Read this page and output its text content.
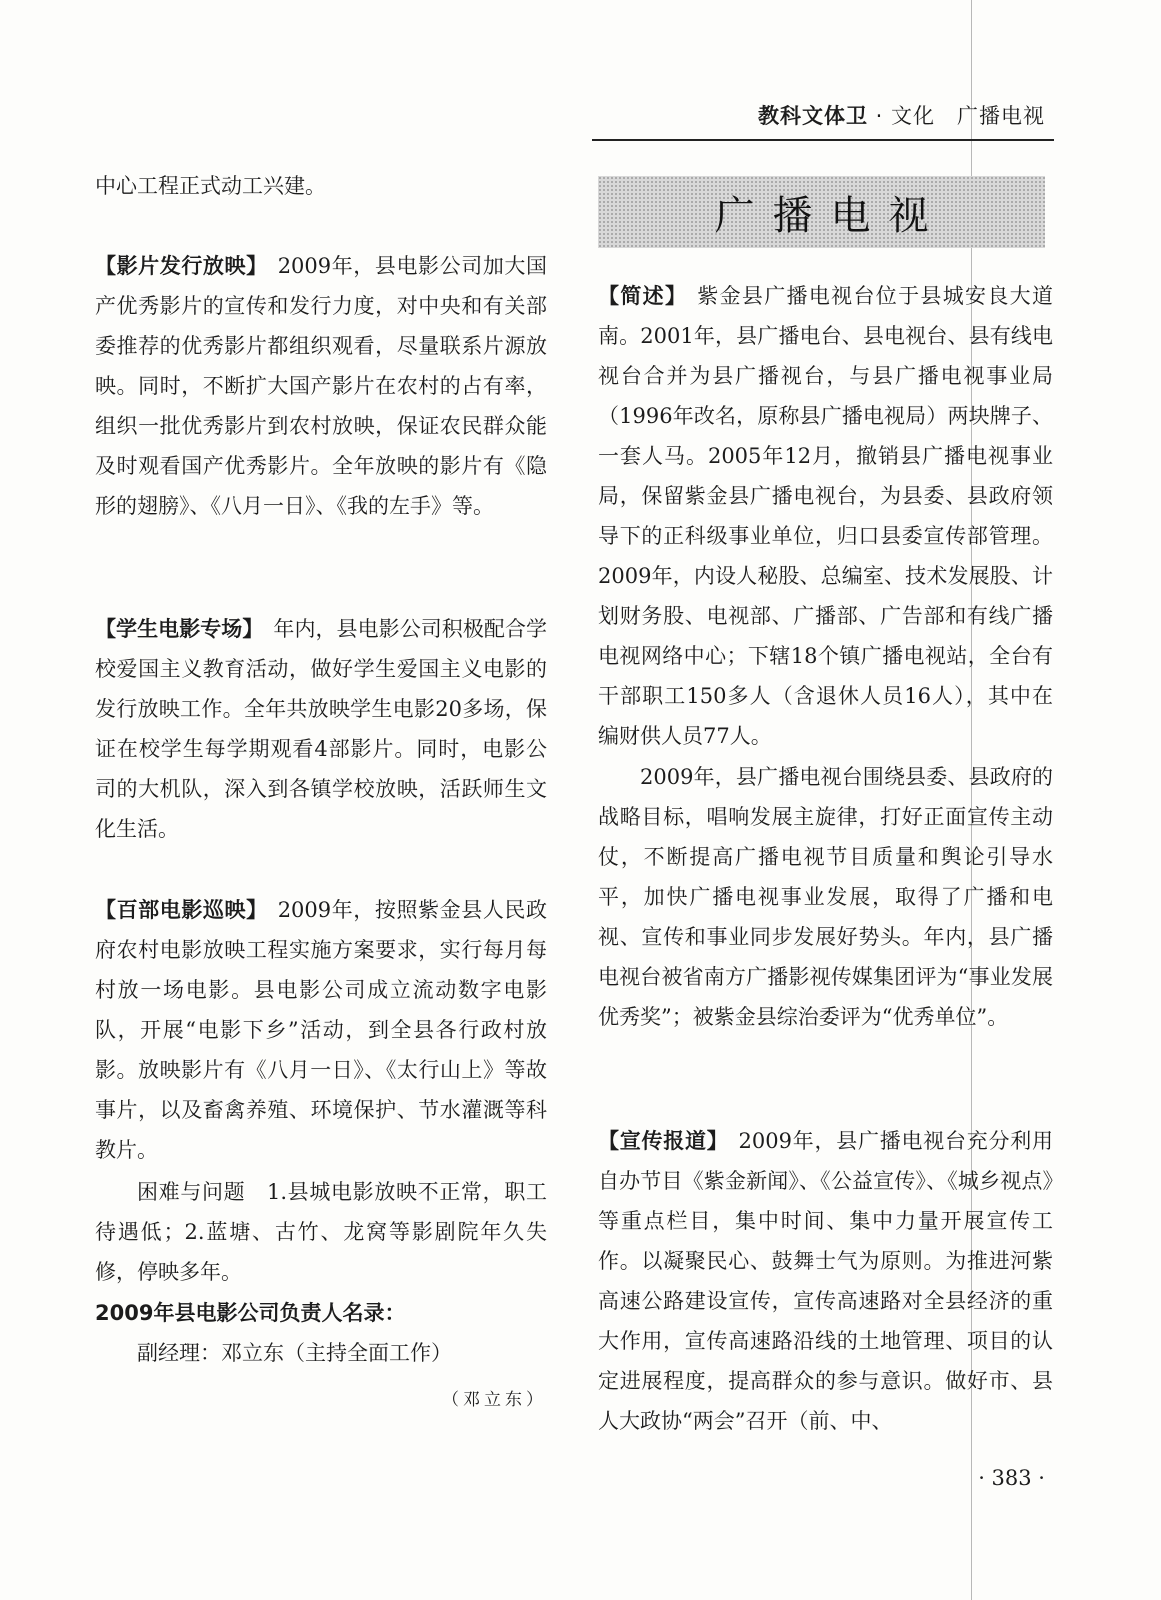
教科文体卫 · 文化 广播电视

中心工程正式动工兴建。

【影片发行放映】 2009年，县电影公司加大国产优秀影片的宣传和发行力度，对中央和有关部委推荐的优秀影片都组织观看，尽量联系片源放映。同时，不断扩大国产影片在农村的占有率，组织一批优秀影片到农村放映，保证农民群众能及时观看国产优秀影片。全年放映的影片有《隐形的翅膀》、《八月一日》、《我的左手》等。

【学生电影专场】 年内，县电影公司积极配合学校爱国主义教育活动，做好学生爱国主义电影的发行放映工作。全年共放映学生电影20多场，保证在校学生每学期观看4部影片。同时，电影公司的大机队，深入到各镇学校放映，活跃师生文化生活。

【百部电影巡映】 2009年，按照紫金县人民政府农村电影放映工程实施方案要求，实行每月每村放一场电影。县电影公司成立流动数字电影队，开展“电影下乡”活动，到全县各行政村放影。放映影片有《八月一日》、《太行山上》等故事片，以及畜禽养殖、环境保护、节水灌溉等科教片。

困难与问题　1.县城电影放映不正常，职工待遇低；2.蓝塘、古竹、龙窝等影剧院年久失修，停映多年。

2009年县电影公司负责人名录：

副经理：邓立东（主持全面工作）

（邓立东）
广播电视

【简述】 紫金县广播电视台位于县城安良大道南。2001年，县广播电台、县电视台、县有线电视台合并为县广播视台，与县广播电视事业局（1996年改名，原称县广播电视局）两块牌子、一套人马。2005年12月，撤销县广播电视事业局，保留紫金县广播电视台，为县委、县政府领导下的正科级事业单位，归口县委宣传部管理。2009年，内设人秘股、总编室、技术发展股、计划财务股、电视部、广播部、广告部和有线广播电视网络中心；下辖18个镇广播电视站，全台有干部职工150多人（含退休人员16人），其中在编财供人员77人。

2009年，县广播电视台围绕县委、县政府的战略目标，唱响发展主旋律，打好正面宣传主动仗，不断提高广播电视节目质量和舆论引导水平，加快广播电视事业发展，取得了广播和电视、宣传和事业同步发展好势头。年内，县广播电视台被省南方广播影视传媒集团评为“事业发展优秀奖”；被紫金县综治委评为“优秀单位”。

【宣传报道】 2009年，县广播电视台充分利用自办节目《紫金新闻》、《公益宣传》、《城乡视点》等重点栏目，集中时间、集中力量开展宣传工作。以凝聚民心、鼓舞士气为原则。为推进河紫高速公路建设宣传，宣传高速路对全县经济的重大作用，宣传高速路沿线的土地管理、项目的认定进展程度，提高群众的参与意识。做好市、县人大政协“两会”召开（前、中、

· 383 ·
